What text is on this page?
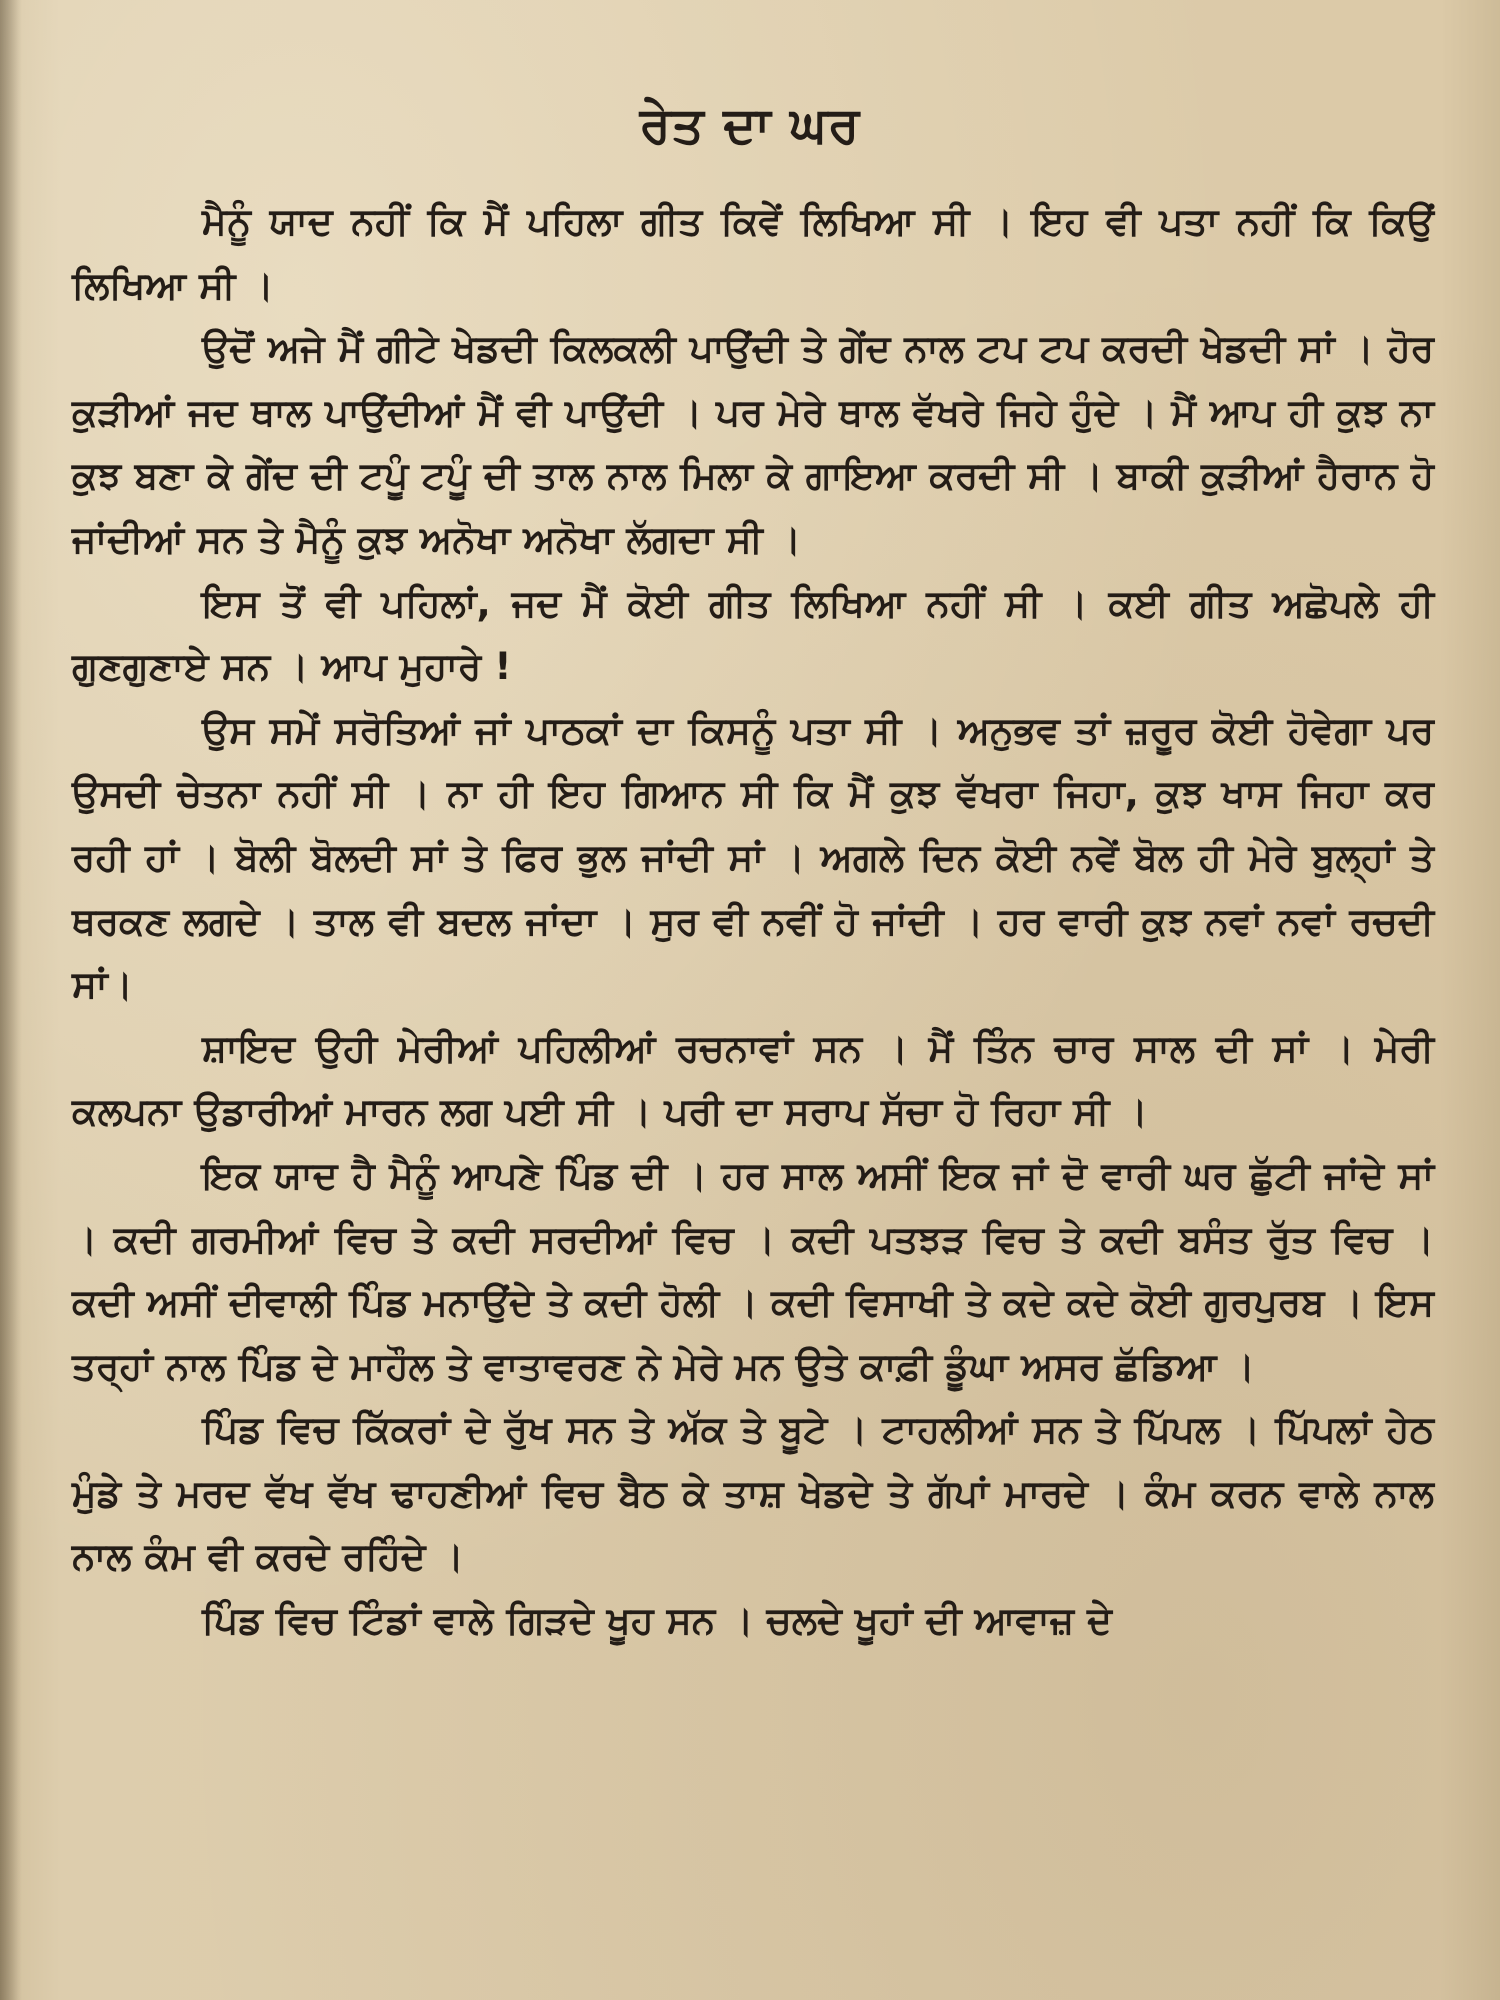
ਰੇਤ ਦਾ ਘਰ

ਮੈਨੂੰ ਯਾਦ ਨਹੀਂ ਕਿ ਮੈਂ ਪਹਿਲਾ ਗੀਤ ਕਿਵੇਂ ਲਿਖਿਆ ਸੀ । ਇਹ ਵੀ ਪਤਾ ਨਹੀਂ ਕਿ ਕਿਉਂ ਲਿਖਿਆ ਸੀ ।

ਉਦੋਂ ਅਜੇ ਮੈਂ ਗੀਟੇ ਖੇਡਦੀ ਕਿਲਕਲੀ ਪਾਉਂਦੀ ਤੇ ਗੇਂਦ ਨਾਲ ਟਪ ਟਪ ਕਰਦੀ ਖੇਡਦੀ ਸਾਂ । ਹੋਰ ਕੁੜੀਆਂ ਜਦ ਥਾਲ ਪਾਉਂਦੀਆਂ ਮੈਂ ਵੀ ਪਾਉਂਦੀ । ਪਰ ਮੇਰੇ ਥਾਲ ਵੱਖਰੇ ਜਿਹੇ ਹੁੰਦੇ । ਮੈਂ ਆਪ ਹੀ ਕੁਝ ਨਾ ਕੁਝ ਬਣਾ ਕੇ ਗੇਂਦ ਦੀ ਟਪੂੰ ਟਪੂੰ ਦੀ ਤਾਲ ਨਾਲ ਮਿਲਾ ਕੇ ਗਾਇਆ ਕਰਦੀ ਸੀ । ਬਾਕੀ ਕੁੜੀਆਂ ਹੈਰਾਨ ਹੋ ਜਾਂਦੀਆਂ ਸਨ ਤੇ ਮੈਨੂੰ ਕੁਝ ਅਨੋਖਾ ਅਨੋਖਾ ਲੱਗਦਾ ਸੀ ।

ਇਸ ਤੋਂ ਵੀ ਪਹਿਲਾਂ, ਜਦ ਮੈਂ ਕੋਈ ਗੀਤ ਲਿਖਿਆ ਨਹੀਂ ਸੀ । ਕਈ ਗੀਤ ਅਛੋਪਲੇ ਹੀ ਗੁਣਗੁਣਾਏ ਸਨ । ਆਪ ਮੁਹਾਰੇ !

ਉਸ ਸਮੇਂ ਸਰੋਤਿਆਂ ਜਾਂ ਪਾਠਕਾਂ ਦਾ ਕਿਸਨੂੰ ਪਤਾ ਸੀ । ਅਨੁਭਵ ਤਾਂ ਜ਼ਰੂਰ ਕੋਈ ਹੋਵੇਗਾ ਪਰ ਉਸਦੀ ਚੇਤਨਾ ਨਹੀਂ ਸੀ । ਨਾ ਹੀ ਇਹ ਗਿਆਨ ਸੀ ਕਿ ਮੈਂ ਕੁਝ ਵੱਖਰਾ ਜਿਹਾ, ਕੁਝ ਖਾਸ ਜਿਹਾ ਕਰ ਰਹੀ ਹਾਂ । ਬੋਲੀ ਬੋਲਦੀ ਸਾਂ ਤੇ ਫਿਰ ਭੁਲ ਜਾਂਦੀ ਸਾਂ । ਅਗਲੇ ਦਿਨ ਕੋਈ ਨਵੇਂ ਬੋਲ ਹੀ ਮੇਰੇ ਬੁਲ੍ਹਾਂ ਤੇ ਥਰਕਣ ਲਗਦੇ । ਤਾਲ ਵੀ ਬਦਲ ਜਾਂਦਾ । ਸੁਰ ਵੀ ਨਵੀਂ ਹੋ ਜਾਂਦੀ । ਹਰ ਵਾਰੀ ਕੁਝ ਨਵਾਂ ਨਵਾਂ ਰਚਦੀ ਸਾਂ।

ਸ਼ਾਇਦ ਉਹੀ ਮੇਰੀਆਂ ਪਹਿਲੀਆਂ ਰਚਨਾਵਾਂ ਸਨ । ਮੈਂ ਤਿੰਨ ਚਾਰ ਸਾਲ ਦੀ ਸਾਂ । ਮੇਰੀ ਕਲਪਨਾ ਉਡਾਰੀਆਂ ਮਾਰਨ ਲਗ ਪਈ ਸੀ । ਪਰੀ ਦਾ ਸਰਾਪ ਸੱਚਾ ਹੋ ਰਿਹਾ ਸੀ ।

ਇਕ ਯਾਦ ਹੈ ਮੈਨੂੰ ਆਪਣੇ ਪਿੰਡ ਦੀ । ਹਰ ਸਾਲ ਅਸੀਂ ਇਕ ਜਾਂ ਦੋ ਵਾਰੀ ਘਰ ਛੁੱਟੀ ਜਾਂਦੇ ਸਾਂ । ਕਦੀ ਗਰਮੀਆਂ ਵਿਚ ਤੇ ਕਦੀ ਸਰਦੀਆਂ ਵਿਚ । ਕਦੀ ਪਤਝੜ ਵਿਚ ਤੇ ਕਦੀ ਬਸੰਤ ਰੁੱਤ ਵਿਚ । ਕਦੀ ਅਸੀਂ ਦੀਵਾਲੀ ਪਿੰਡ ਮਨਾਉਂਦੇ ਤੇ ਕਦੀ ਹੋਲੀ । ਕਦੀ ਵਿਸਾਖੀ ਤੇ ਕਦੇ ਕਦੇ ਕੋਈ ਗੁਰਪੁਰਬ । ਇਸ ਤਰ੍ਹਾਂ ਨਾਲ ਪਿੰਡ ਦੇ ਮਾਹੌਲ ਤੇ ਵਾਤਾਵਰਣ ਨੇ ਮੇਰੇ ਮਨ ਉਤੇ ਕਾਫ਼ੀ ਡੂੰਘਾ ਅਸਰ ਛੱਡਿਆ ।

ਪਿੰਡ ਵਿਚ ਕਿੱਕਰਾਂ ਦੇ ਰੁੱਖ ਸਨ ਤੇ ਅੱਕ ਤੇ ਬੂਟੇ । ਟਾਹਲੀਆਂ ਸਨ ਤੇ ਪਿੱਪਲ । ਪਿੱਪਲਾਂ ਹੇਠ ਮੁੰਡੇ ਤੇ ਮਰਦ ਵੱਖ ਵੱਖ ਢਾਹਣੀਆਂ ਵਿਚ ਬੈਠ ਕੇ ਤਾਸ਼ ਖੇਡਦੇ ਤੇ ਗੱਪਾਂ ਮਾਰਦੇ । ਕੰਮ ਕਰਨ ਵਾਲੇ ਨਾਲ ਨਾਲ ਕੰਮ ਵੀ ਕਰਦੇ ਰਹਿੰਦੇ ।

ਪਿੰਡ ਵਿਚ ਟਿੰਡਾਂ ਵਾਲੇ ਗਿੜਦੇ ਖੂਹ ਸਨ । ਚਲਦੇ ਖੂਹਾਂ ਦੀ ਆਵਾਜ਼ ਦੇ
